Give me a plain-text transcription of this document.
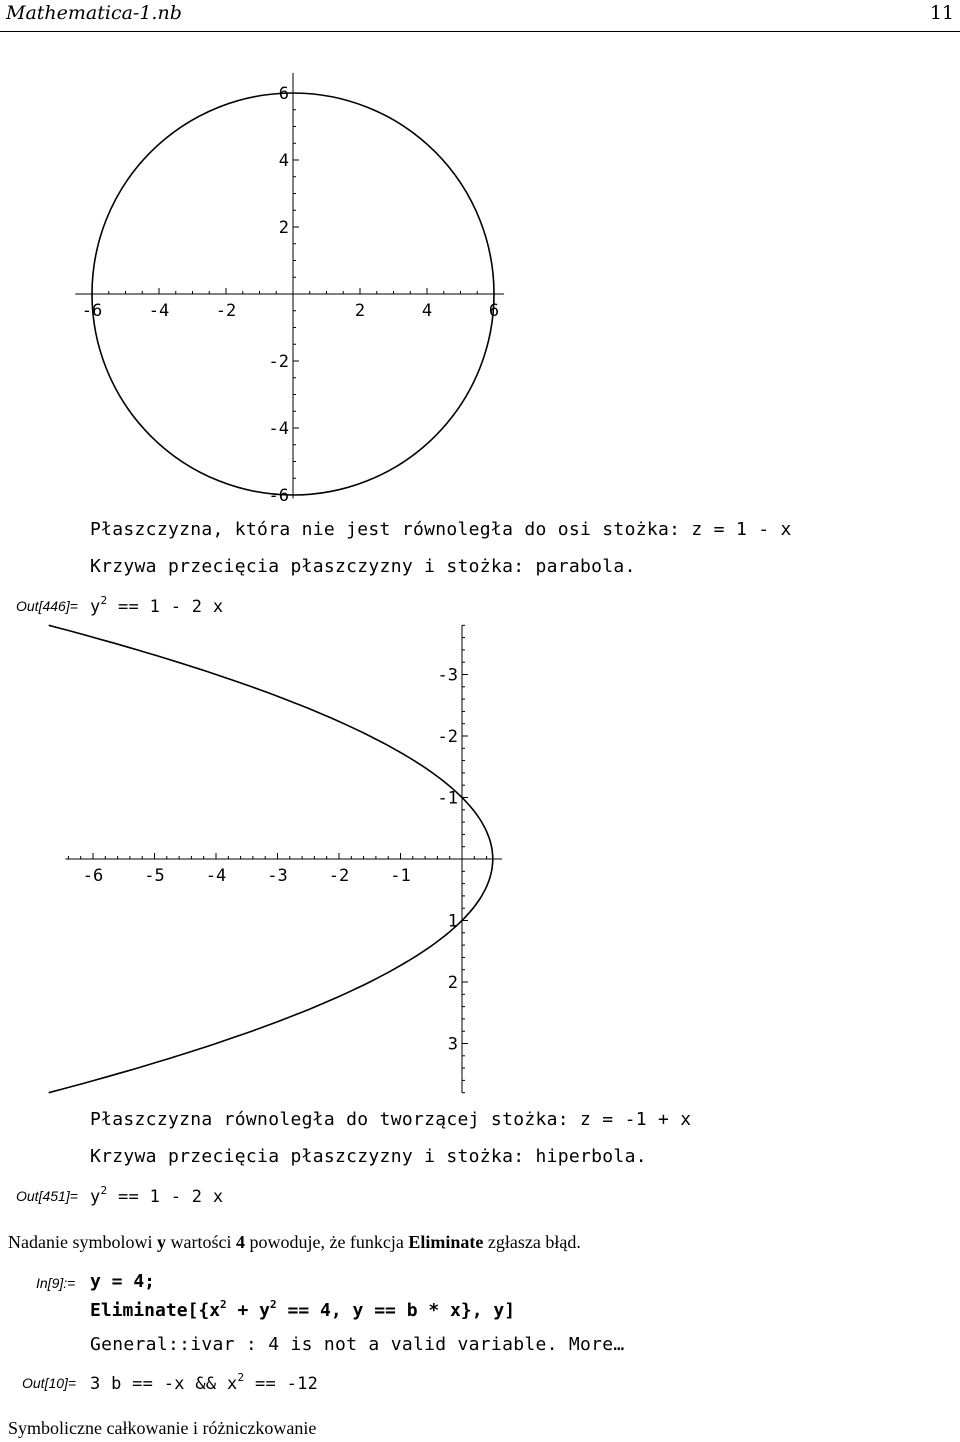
Mathematica-1.nb	11
-6	-4	-2	2	4	6
-6
-4
-2
2
4
6
Płaszczyzna, która nie jest równoległa do osi stożka: z = 1 - x
Krzywa przecięcia płaszczyzny i stożka: parabola.
$Out[446]= y^2 == 1 - 2$ x
-6 -5 -4 -3 -2 -1
3
2
1
-1
-2
-3
Płaszczyzna równoległa do tworzącej stożka: z = -1 + x
Krzywa przecięcia płaszczyzny i stożka: hiperbola.
$Out[451]= y^2 == 1 - 2$ x
Nadanie symbolowi y wartości 4 powoduje, że funkcja Eliminate zgłasza błąd.
In[9]:= y = 4;
$Eliminate[\{x^2 + y^2 == 4$, y == b * x}, y]
General::ivar : 4 is not a valid variable. More…
Out[10]= 3 b == -x && $x^2 == -12$
Symboliczne całkowanie i różniczkowanie
